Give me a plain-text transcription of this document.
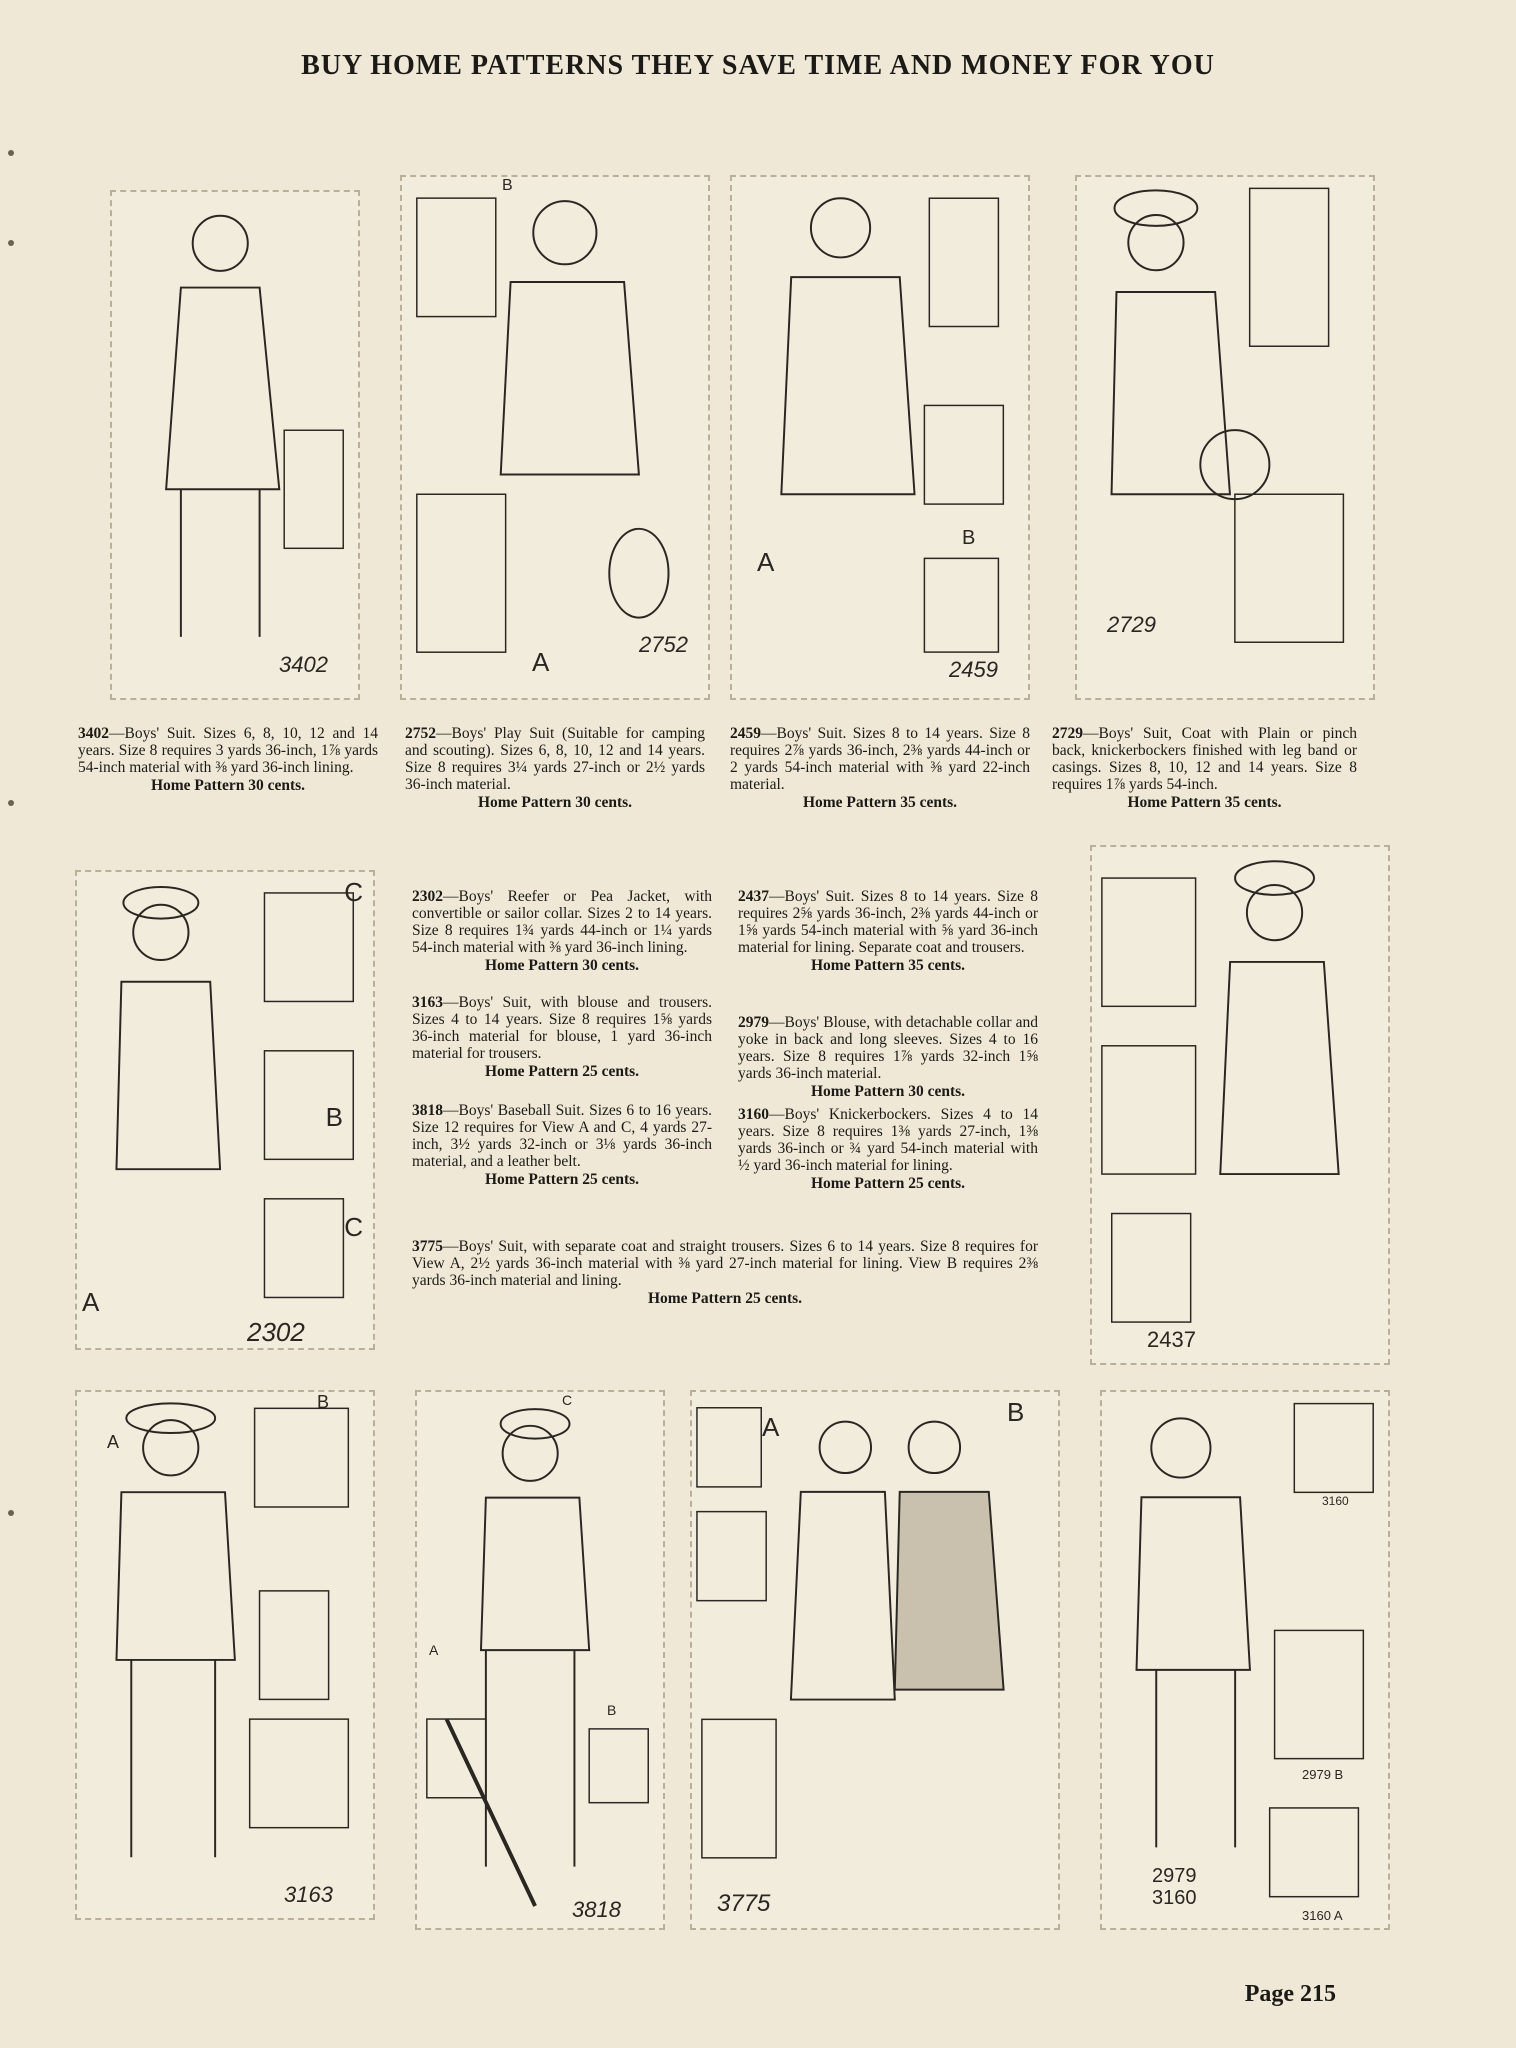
BUY HOME PATTERNS THEY SAVE TIME AND MONEY FOR YOU
3402	A
B
2752
A
B
2459
2729
3402—Boys' Suit. Sizes 6, 8, 10, 12 and 14 years. Size 8 requires 3 yards 36-inch, 1⅞ yards 54-inch material with ⅜ yard 36-inch lining.
Home Pattern 30 cents.
2752—Boys' Play Suit (Suitable for camping and scouting). Sizes 6, 8, 10, 12 and 14 years. Size 8 requires 3¼ yards 27-inch or 2½ yards 36-inch material.
Home Pattern 30 cents.
2459—Boys' Suit. Sizes 8 to 14 years. Size 8 requires 2⅞ yards 36-inch, 2⅜ yards 44-inch or 2 yards 54-inch material with ⅜ yard 22-inch material.
Home Pattern 35 cents.
2729—Boys' Suit, Coat with Plain or pinch back, knickerbockers finished with leg band or casings. Sizes 8, 10, 12 and 14 years. Size 8 requires 1⅞ yards 54-inch.
Home Pattern 35 cents.
A
B
C
C
2302	2437
2302—Boys' Reefer or Pea Jacket, with convertible or sailor collar. Sizes 2 to 14 years. Size 8 requires 1¾ yards 44-inch or 1¼ yards 54-inch material with ⅜ yard 36-inch lining.
Home Pattern 30 cents.
3163—Boys' Suit, with blouse and trousers. Sizes 4 to 14 years. Size 8 requires 1⅝ yards 36-inch material for blouse, 1 yard 36-inch material for trousers.
Home Pattern 25 cents.
3818—Boys' Baseball Suit. Sizes 6 to 16 years. Size 12 requires for View A and C, 4 yards 27-inch, 3½ yards 32-inch or 3⅛ yards 36-inch material, and a leather belt.
Home Pattern 25 cents.
2437—Boys' Suit. Sizes 8 to 14 years. Size 8 requires 2⅝ yards 36-inch, 2⅜ yards 44-inch or 1⅝ yards 54-inch material with ⅝ yard 36-inch material for lining. Separate coat and trousers.
Home Pattern 35 cents.
2979—Boys' Blouse, with detachable collar and yoke in back and long sleeves. Sizes 4 to 16 years. Size 8 requires 1⅞ yards 32-inch 1⅝ yards 36-inch material.
Home Pattern 30 cents.
3160—Boys' Knickerbockers. Sizes 4 to 14 years. Size 8 requires 1⅜ yards 27-inch, 1⅜ yards 36-inch or ¾ yard 54-inch material with ½ yard 36-inch material for lining.
Home Pattern 25 cents.
3775—Boys' Suit, with separate coat and straight trousers. Sizes 6 to 14 years. Size 8 requires for View A, 2½ yards 36-inch material with ⅜ yard 27-inch material for lining. View B requires 2⅜ yards 36-inch material and lining.
Home Pattern 25 cents.
A
B
3163
A
B
C
3818
A	B
3775
3160
2979 B
3160 A
2979
3160
Page 215
